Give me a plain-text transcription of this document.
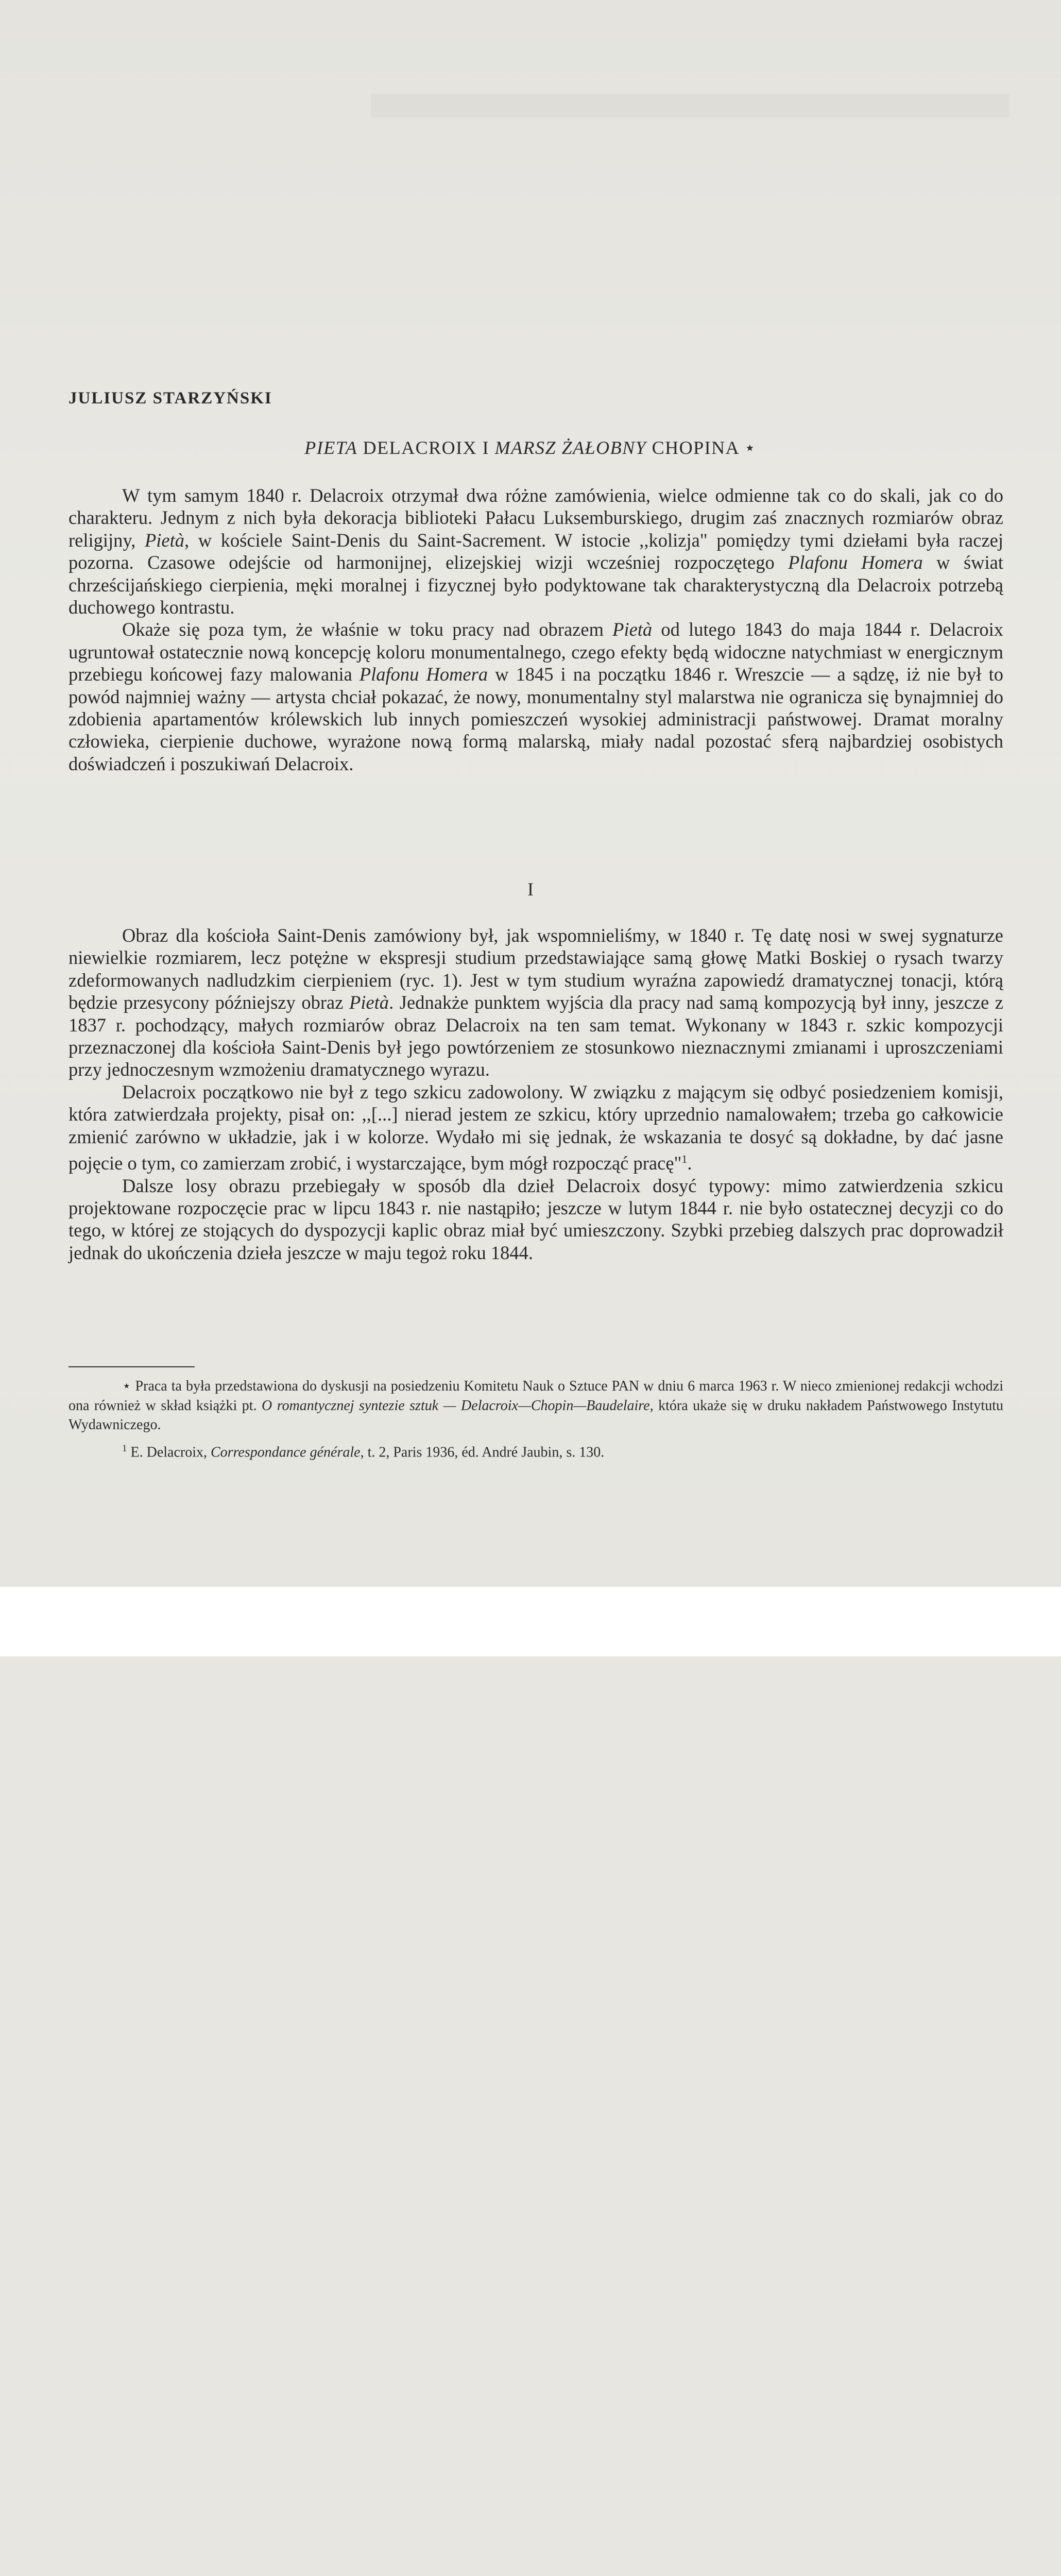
JULIUSZ STARZYŃSKI
PIETA DELACROIX I MARSZ ŻAŁOBNY CHOPINA ⋆

W tym samym 1840 r. Delacroix otrzymał dwa różne zamówienia, wielce odmienne tak co do skali, jak co do charakteru. Jednym z nich była dekoracja biblioteki Pałacu Luksemburskiego, drugim zaś znacznych rozmiarów obraz religijny, Pietà, w kościele Saint-Denis du Saint-Sacrement. W istocie ,,kolizja" pomiędzy tymi dziełami była raczej pozorna. Czasowe odejście od harmonijnej, elizejskiej wizji wcześniej rozpoczętego Plafonu Homera w świat chrześcijańskiego cierpienia, męki moralnej i fizycznej było podyktowane tak charakterystyczną dla Delacroix potrzebą duchowego kontrastu.

Okaże się poza tym, że właśnie w toku pracy nad obrazem Pietà od lutego 1843 do maja 1844 r. Delacroix ugruntował ostatecznie nową koncepcję koloru monumentalnego, czego efekty będą widoczne natychmiast w energicznym przebiegu końcowej fazy malowania Plafonu Homera w 1845 i na początku 1846 r. Wreszcie — a sądzę, iż nie był to powód najmniej ważny — artysta chciał pokazać, że nowy, monumentalny styl malarstwa nie ogranicza się bynajmniej do zdobienia apartamentów królewskich lub innych pomieszczeń wysokiej administracji państwowej. Dramat moralny człowieka, cierpienie duchowe, wyrażone nową formą malarską, miały nadal pozostać sferą najbardziej osobistych doświadczeń i poszukiwań Delacroix.

I

Obraz dla kościoła Saint-Denis zamówiony był, jak wspomnieliśmy, w 1840 r. Tę datę nosi w swej sygnaturze niewielkie rozmiarem, lecz potężne w ekspresji studium przedstawiające samą głowę Matki Boskiej o rysach twarzy zdeformowanych nadludzkim cierpieniem (ryc. 1). Jest w tym studium wyraźna zapowiedź dramatycznej tonacji, którą będzie przesycony późniejszy obraz Pietà. Jednakże punktem wyjścia dla pracy nad samą kompozycją był inny, jeszcze z 1837 r. pochodzący, małych rozmiarów obraz Delacroix na ten sam temat. Wykonany w 1843 r. szkic kompozycji przeznaczonej dla kościoła Saint-Denis był jego powtórzeniem ze stosunkowo nieznacznymi zmianami i uproszczeniami przy jednoczesnym wzmożeniu dramatycznego wyrazu.

Delacroix początkowo nie był z tego szkicu zadowolony. W związku z mającym się odbyć posiedzeniem komisji, która zatwierdzała projekty, pisał on: ,,[...] nierad jestem ze szkicu, który uprzednio namalowałem; trzeba go całkowicie zmienić zarówno w układzie, jak i w kolorze. Wydało mi się jednak, że wskazania te dosyć są dokładne, by dać jasne pojęcie o tym, co zamierzam zrobić, i wystarczające, bym mógł rozpocząć pracę"$^1$.

Dalsze losy obrazu przebiegały w sposób dla dzieł Delacroix dosyć typowy: mimo zatwierdzenia szkicu projektowane rozpoczęcie prac w lipcu 1843 r. nie nastąpiło; jeszcze w lutym 1844 r. nie było ostatecznej decyzji co do tego, w której ze stojących do dyspozycji kaplic obraz miał być umieszczony. Szybki przebieg dalszych prac doprowadził jednak do ukończenia dzieła jeszcze w maju tegoż roku 1844.

⋆ Praca ta była przedstawiona do dyskusji na posiedzeniu Komitetu Nauk o Sztuce PAN w dniu 6 marca 1963 r. W nieco zmienionej redakcji wchodzi ona również w skład książki pt. O romantycznej syntezie sztuk — Delacroix—Chopin—Baudelaire, która ukaże się w druku nakładem Państwowego Instytutu Wydawniczego.

$^1$ E. Delacroix, Correspondance générale, t. 2, Paris 1936, éd. André Jaubin, s. 130.
